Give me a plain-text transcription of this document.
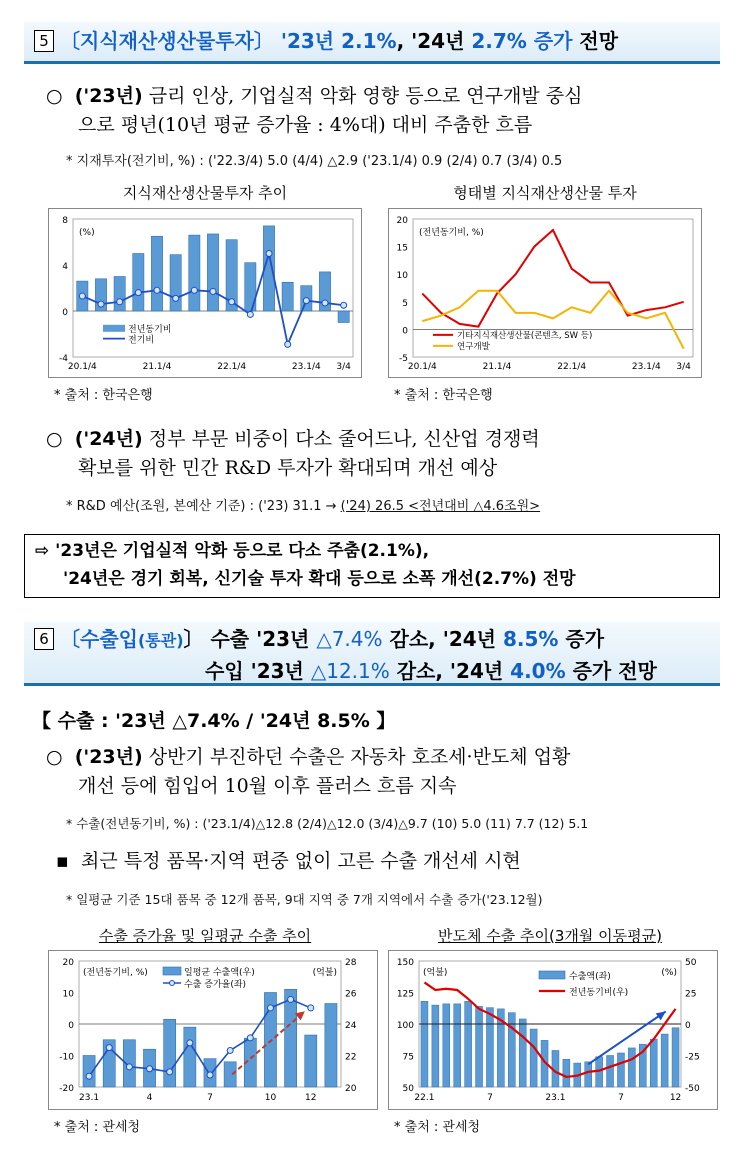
5 〔지식재산생산물투자〕 '23년 2.1%, '24년 2.7% 증가 전망
○ ('23년) 금리 인상, 기업실적 악화 영향 등으로 연구개발 중심
으로 평년(10년 평균 증가율 : 4%대) 대비 주춤한 흐름
* 지재투자(전기비, %) : ('22.3/4) 5.0 (4/4) △2.9 ('23.1/4) 0.9 (2/4) 0.7 (3/4) 0.5
지식재산생산물투자 추이	형태별 지식재산생산물 투자
8
4
0
-4
(%)
20.1/4	21.1/4	22.1/4	23.1/4 3/4
전년동기비
전기비
20
15
10
5
0
-5
(전년동기비, %)
20.1/4	21.1/4	22.1/4	23.1/4 3/4
기타지식재산생산물(콘텐츠, SW 등)
연구개발
* 출처 : 한국은행	* 출처 : 한국은행
○ ('24년) 정부 부문 비중이 다소 줄어드나, 신산업 경쟁력
확보를 위한 민간 R&D 투자가 확대되며 개선 예상
* R&D 예산(조원, 본예산 기준) : ('23) 31.1 → ('24) 26.5 <전년대비 △4.6조원>
⇨ '23년은 기업실적 악화 등으로 다소 주춤(2.1%),
'24년은 경기 회복, 신기술 투자 확대 등으로 소폭 개선(2.7%) 전망
6 〔수출입(통관)〕 수출 '23년 △7.4% 감소, '24년 8.5% 증가
수입 '23년 △12.1% 감소, '24년 4.0% 증가 전망
【 수출 : '23년 △7.4% / '24년 8.5% 】
○ ('23년) 상반기 부진하던 수출은 자동차 호조세·반도체 업황
개선 등에 힘입어 10월 이후 플러스 흐름 지속
* 수출(전년동기비, %) : ('23.1/4)△12.8 (2/4)△12.0 (3/4)△9.7 (10) 5.0 (11) 7.7 (12) 5.1
▪ 최근 특정 품목·지역 편중 없이 고른 수출 개선세 시현
* 일평균 기준 15대 품목 중 12개 품목, 9대 지역 중 7개 지역에서 수출 증가('23.12월)
수출 증가율 및 일평균 수출 추이	반도체 수출 추이(3개월 이동평균)
20
10
0
-10
-20
28
26
24
22
20
23.1	4	7	10	12
(전년동기비, %)	(억불)
일평균 수출액(우)
수출 증가율(좌)
150
125
100
75
50
50
25
0
-25
-50
22.1	7	23.1	7	12
(억불)	(%)
수출액(좌)
전년동기비(우)
* 출처 : 관세청	* 출처 : 관세청
